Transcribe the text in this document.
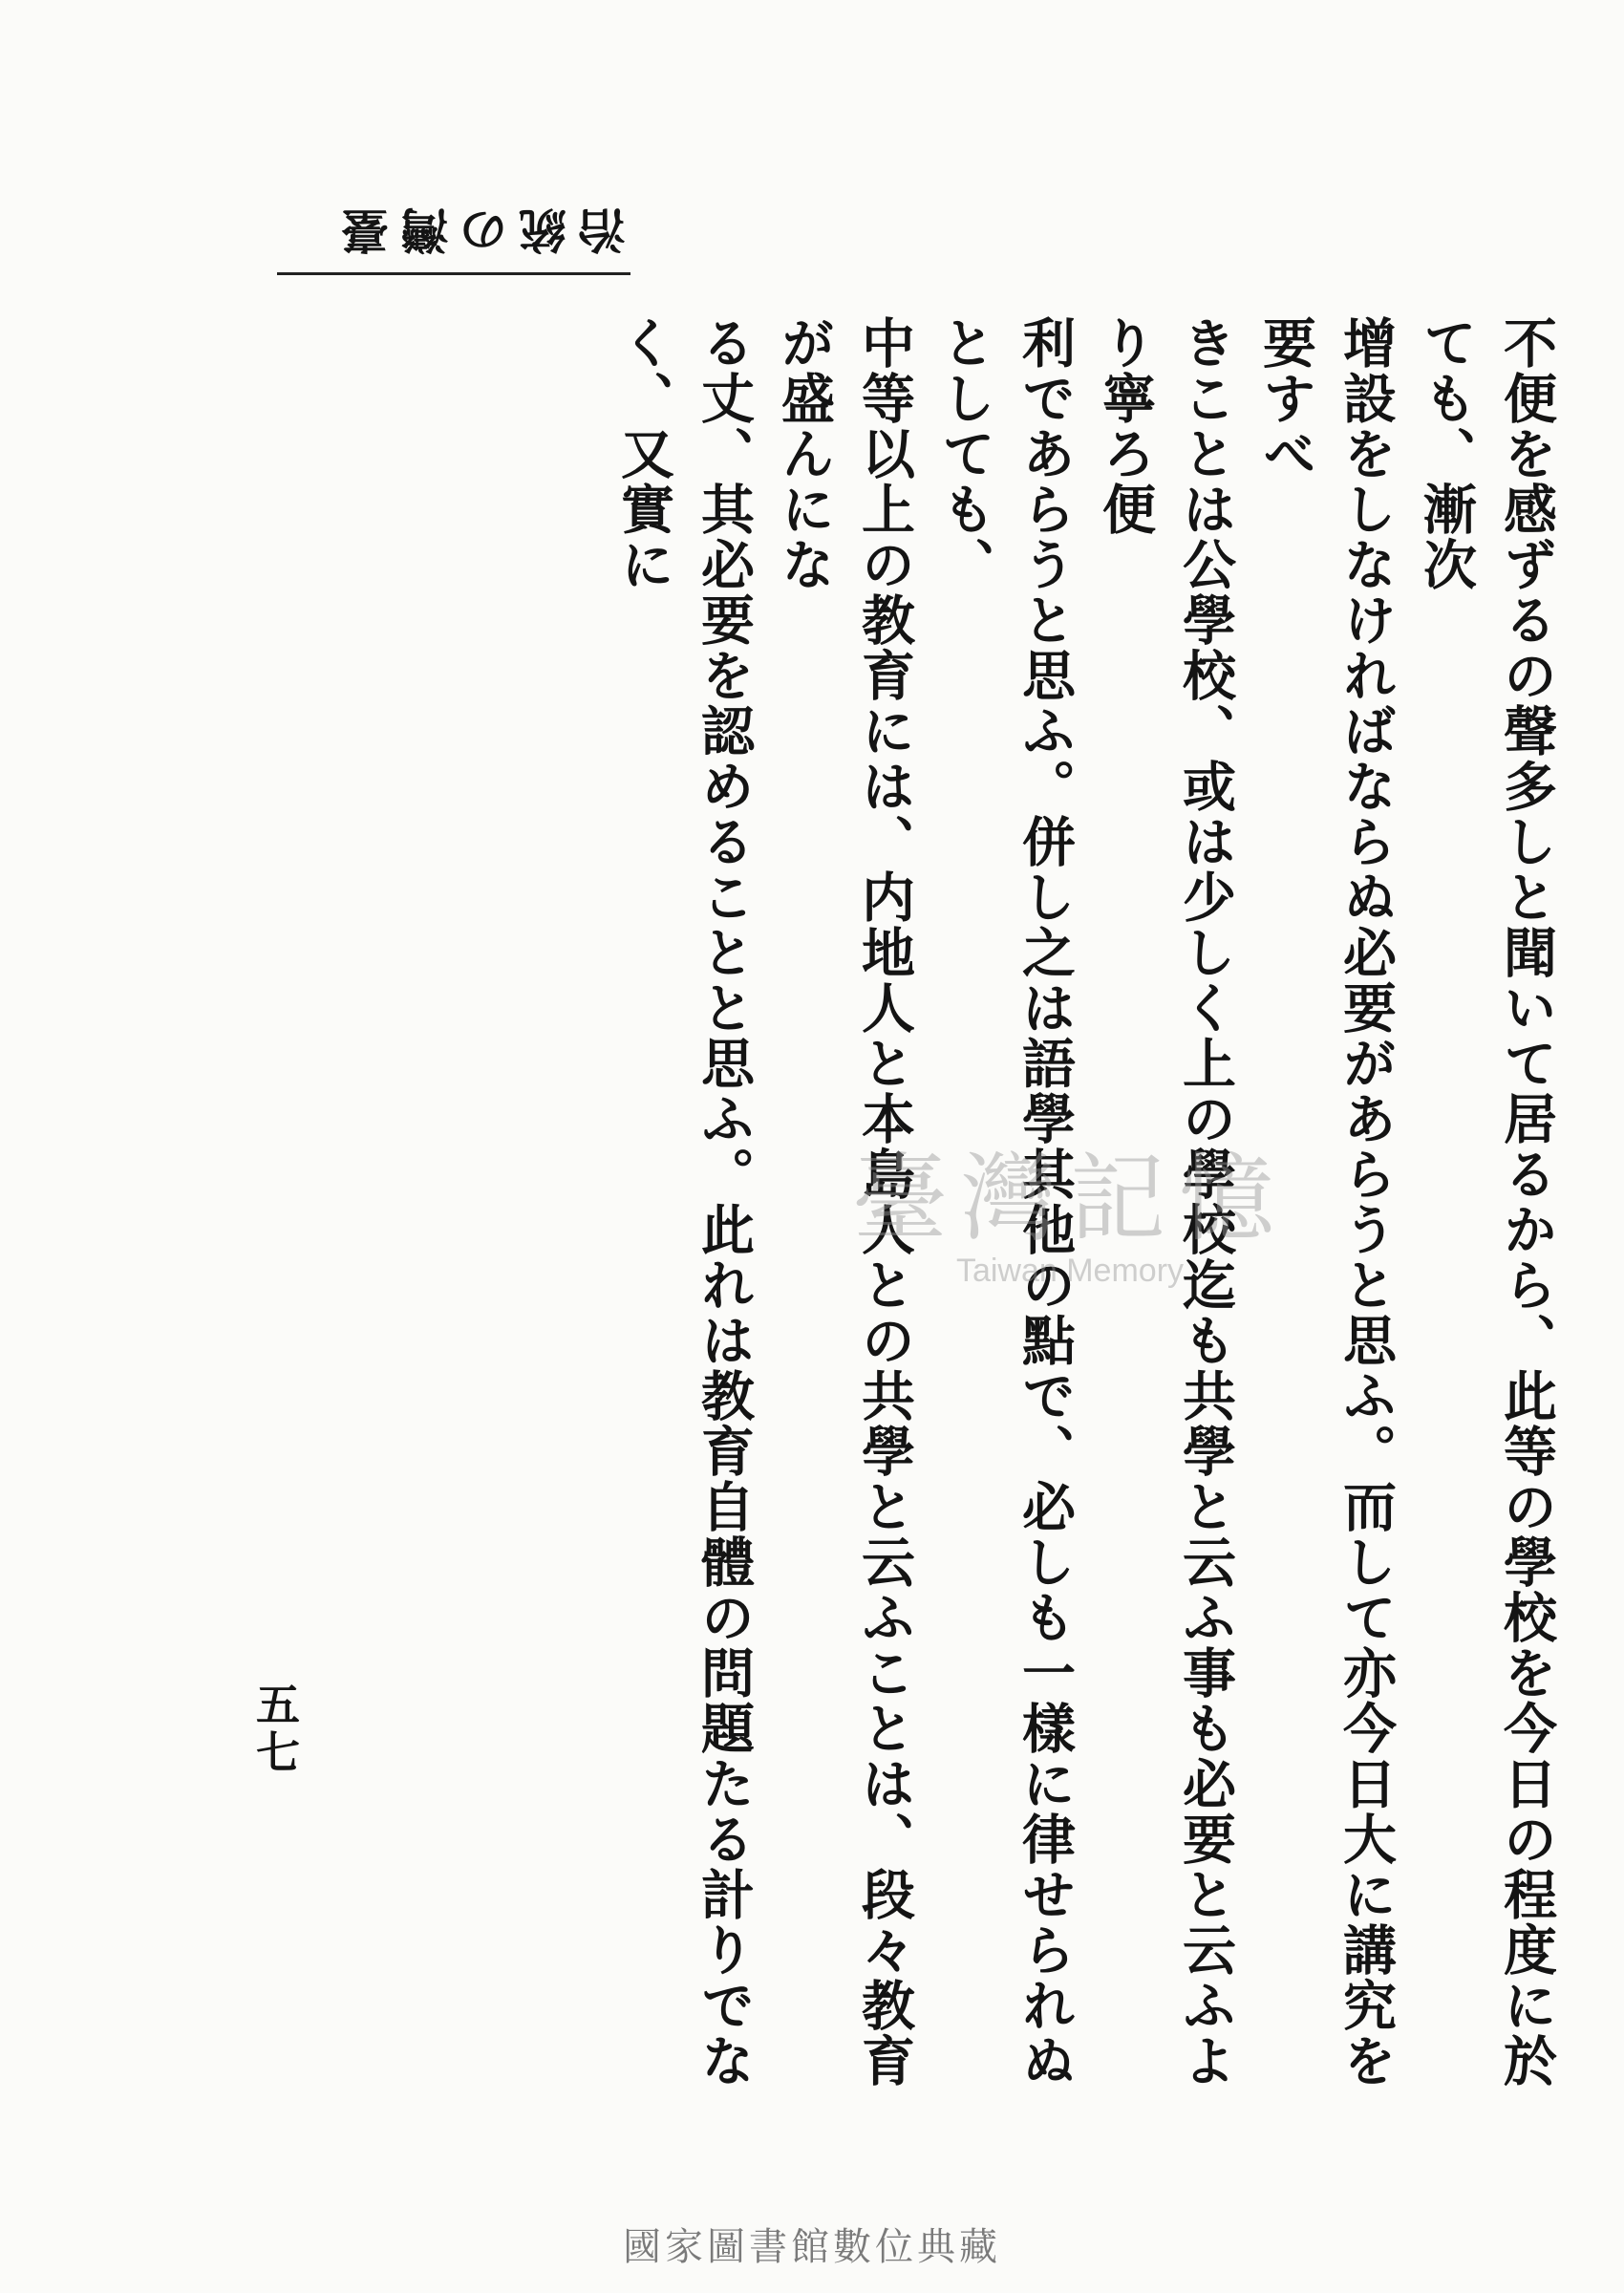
治統の灣臺
不便を感ずるの聲多しと聞いて居るから、此等の學校を今日の程度に於ても、漸次
增設をしなければならぬ必要があらうと思ふ。而して亦今日大に講究を要すべ
きことは公學校、或は少しく上の學校迄も共學と云ふ事も必要と云ふより寧ろ便
利であらうと思ふ。併し之は語學其他の點で、必しも一樣に律せられぬとしても、
中等以上の教育には、内地人と本島人との共學と云ふことは、段々教育が盛んにな
る丈、其必要を認めることと思ふ。此れは教育自體の問題たる計りでなく、又實に
五七
臺灣記憶
Taiwan Memory
國家圖書館數位典藏
